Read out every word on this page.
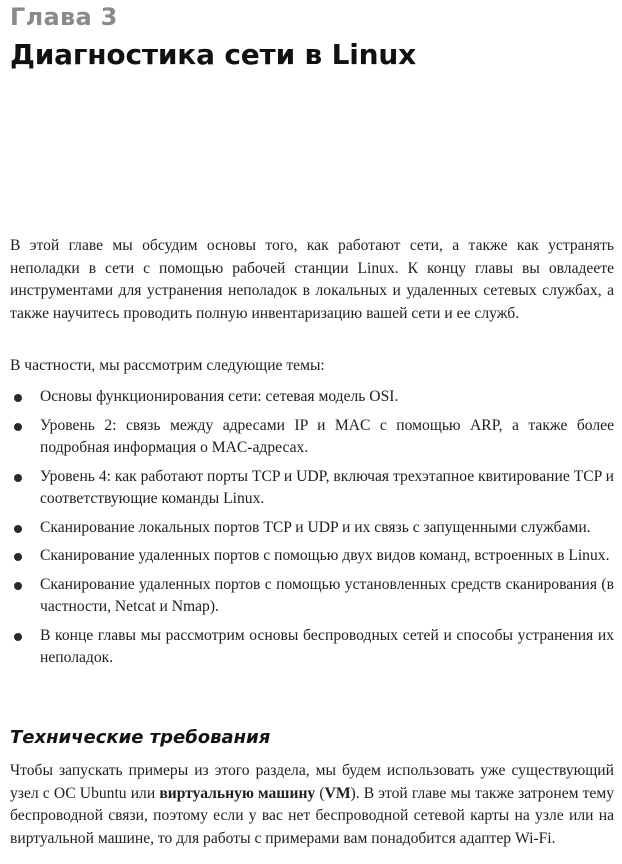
Глава 3
Диагностика сети в Linux

В этой главе мы обсудим основы того, как работают сети, а также как устранять неполадки в сети с помощью рабочей станции Linux. К концу главы вы овладеете инструментами для устранения неполадок в локальных и удаленных сетевых службах, а также научитесь проводить полную инвентаризацию вашей сети и ее служб.

В частности, мы рассмотрим следующие темы:

Основы функционирования сети: сетевая модель OSI.
Уровень 2: связь между адресами IP и MAC с помощью ARP, а также более подробная информация о MAC-адресах.
Уровень 4: как работают порты TCP и UDP, включая трехэтапное квитирование TCP и соответствующие команды Linux.
Сканирование локальных портов TCP и UDP и их связь с запущенными службами.
Сканирование удаленных портов с помощью двух видов команд, встроенных в Linux.
Сканирование удаленных портов с помощью установленных средств сканирования (в частности, Netcat и Nmap).
В конце главы мы рассмотрим основы беспроводных сетей и способы устранения их неполадок.
Технические требования

Чтобы запускать примеры из этого раздела, мы будем использовать уже существующий узел с ОС Ubuntu или виртуальную машину (VM). В этой главе мы также затронем тему беспроводной связи, поэтому если у вас нет беспроводной сетевой карты на узле или на виртуальной машине, то для работы с примерами вам понадобится адаптер Wi-Fi.
